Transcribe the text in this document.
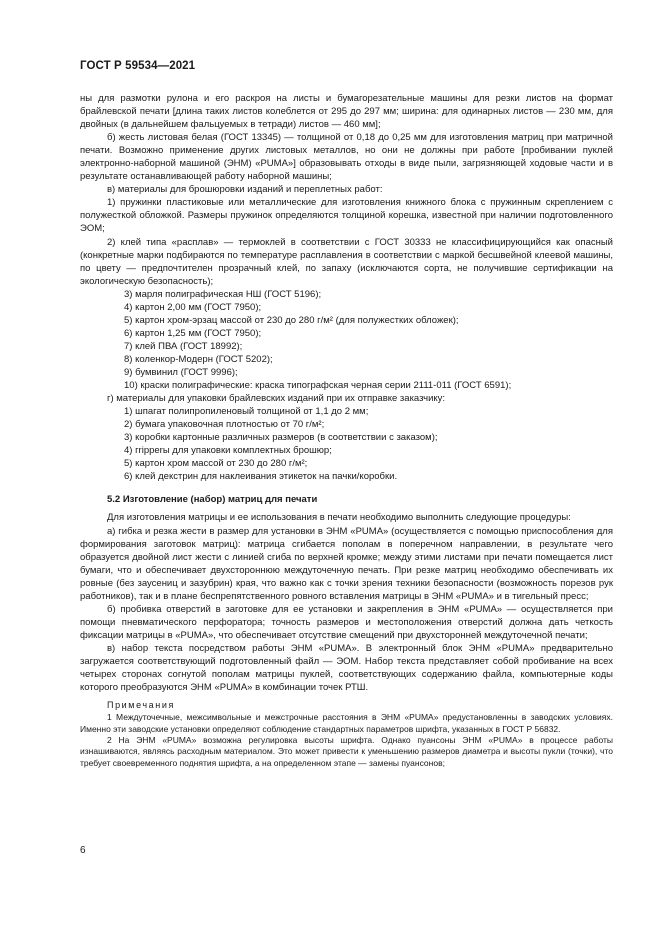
ГОСТ Р 59534—2021

ны для размотки рулона и его раскроя на листы и бумагорезательные машины для резки листов на формат брайлевской печати [длина таких листов колеблется от 295 до 297 мм; ширина: для одинарных листов — 230 мм, для двойных (в дальнейшем фальцуемых в тетради) листов — 460 мм];

б) жесть листовая белая (ГОСТ 13345) — толщиной от 0,18 до 0,25 мм для изготовления матриц при матричной печати. Возможно применение других листовых металлов, но они не должны при работе [пробивании пуклей электронно-наборной машиной (ЭНМ) «PUMA»] образовывать отходы в виде пыли, загрязняющей ходовые части и в результате останавливающей работу наборной машины;

в) материалы для брошюровки изданий и переплетных работ:

1) пружинки пластиковые или металлические для изготовления книжного блока с пружинным скреплением с полужесткой обложкой. Размеры пружинок определяются толщиной корешка, известной при наличии подготовленного ЭОМ;

2) клей типа «расплав» — термоклей в соответствии с ГОСТ 30333 не классифицирующийся как опасный (конкретные марки подбираются по температуре расплавления в соответствии с маркой бесшвейной клеевой машины, по цвету — предпочтителен прозрачный клей, по запаху (исключаются сорта, не получившие сертификации на экологическую безопасность);

3) марля полиграфическая НШ (ГОСТ 5196);

4) картон 2,00 мм (ГОСТ 7950);

5) картон хром-эрзац массой от 230 до 280 г/м² (для полужестких обложек);

6) картон 1,25 мм (ГОСТ 7950);

7) клей ПВА (ГОСТ 18992);

8) коленкор-Модерн (ГОСТ 5202);

9) бумвинил (ГОСТ 9996);

10) краски полиграфические: краска типографская черная серии 2111-011 (ГОСТ 6591);

г) материалы для упаковки брайлевских изданий при их отправке заказчику:

1) шпагат полипропиленовый толщиной от 1,1 до 2 мм;

2) бумага упаковочная плотностью от 70 г/м²;

3) коробки картонные различных размеров (в соответствии с заказом);

4) гripperы для упаковки комплектных брошюр;

5) картон хром массой от 230 до 280 г/м²;

6) клей декстрин для наклеивания этикеток на пачки/коробки.

5.2 Изготовление (набор) матриц для печати

Для изготовления матрицы и ее использования в печати необходимо выполнить следующие процедуры:

а) гибка и резка жести в размер для установки в ЭНМ «PUMA» (осуществляется с помощью приспособления для формирования заготовок матриц): матрица сгибается пополам в поперечном направлении, в результате чего образуется двойной лист жести с линией сгиба по верхней кромке; между этими листами при печати помещается лист бумаги, что и обеспечивает двухстороннюю междуточечную печать. При резке матриц необходимо обеспечивать их ровные (без заусениц и зазубрин) края, что важно как с точки зрения техники безопасности (возможность порезов рук работников), так и в плане беспрепятственного ровного вставления матрицы в ЭНМ «PUMA» и в тигельный пресс;

б) пробивка отверстий в заготовке для ее установки и закрепления в ЭНМ «PUMA» — осуществляется при помощи пневматического перфоратора; точность размеров и местоположения отверстий должна дать четкость фиксации матрицы в «PUMA», что обеспечивает отсутствие смещений при двухсторонней междуточечной печати;

в) набор текста посредством работы ЭНМ «PUMA». В электронный блок ЭНМ «PUMA» предварительно загружается соответствующий подготовленный файл — ЭОМ. Набор текста представляет собой пробивание на всех четырех сторонах согнутой пополам матрицы пуклей, соответствующих содержанию файла, компьютерные коды которого преобразуются ЭНМ «PUMA» в комбинации точек РТШ.

Примечания

1 Междуточечные, межсимвольные и межстрочные расстояния в ЭНМ «PUMA» предустановленны в заводских условиях. Именно эти заводские установки определяют соблюдение стандартных параметров шрифта, указанных в ГОСТ Р 56832.

2 На ЭНМ «PUMA» возможна регулировка высоты шрифта. Однако пуансоны ЭНМ «PUMA» в процессе работы изнашиваются, являясь расходным материалом. Это может привести к уменьшению размеров диаметра и высоты пукли (точки), что требует своевременного поднятия шрифта, а на определенном этапе — замены пуансонов;

6
